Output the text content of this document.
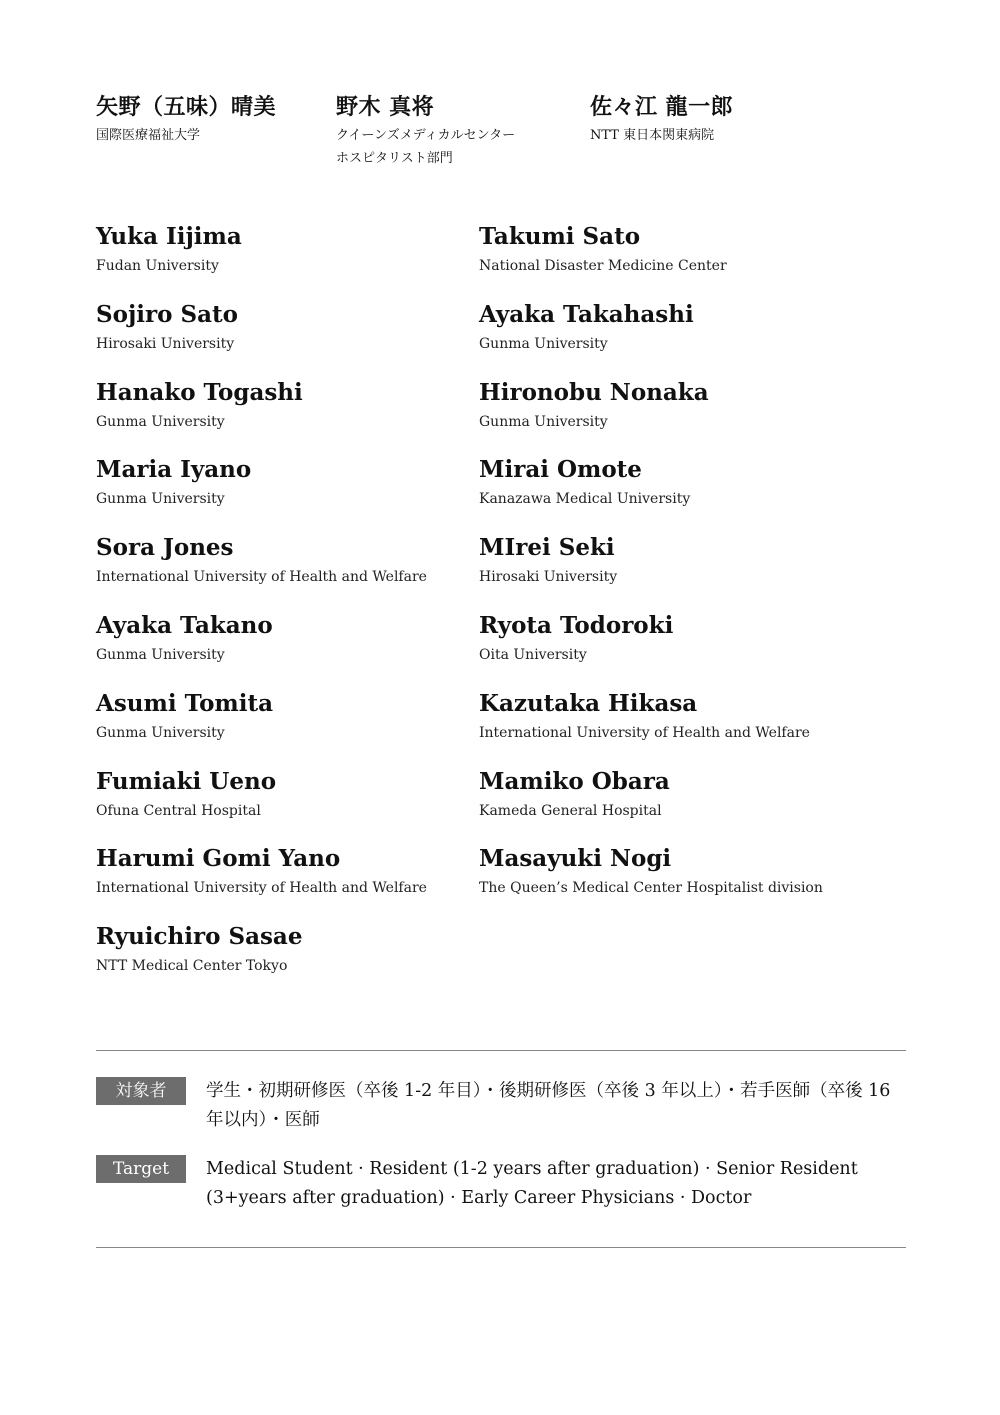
矢野（五味）晴美
国際医療福祉大学
野木 真将
クイーンズメディカルセンター
ホスピタリスト部門
佐々江 龍一郎
NTT 東日本関東病院
Yuka Iijima
Fudan University
Takumi Sato
National Disaster Medicine Center
Sojiro Sato
Hirosaki University
Ayaka Takahashi
Gunma University
Hanako Togashi
Gunma University
Hironobu Nonaka
Gunma University
Maria Iyano
Gunma University
Mirai Omote
Kanazawa Medical University
Sora Jones
International University of Health and Welfare
MIrei Seki
Hirosaki University
Ayaka Takano
Gunma University
Ryota Todoroki
Oita University
Asumi Tomita
Gunma University
Kazutaka Hikasa
International University of Health and Welfare
Fumiaki Ueno
Ofuna Central Hospital
Mamiko Obara
Kameda General Hospital
Harumi Gomi Yano
International University of Health and Welfare
Masayuki Nogi
The Queen’s Medical Center Hospitalist division
Ryuichiro Sasae
NTT Medical Center Tokyo
対象者	学生・初期研修医（卒後 1-2 年目）・後期研修医（卒後 3 年以上）・若手医師（卒後 16 年以内）・医師
Target	Medical Student · Resident (1-2 years after graduation) · Senior Resident (3+years after graduation) · Early Career Physicians · Doctor
